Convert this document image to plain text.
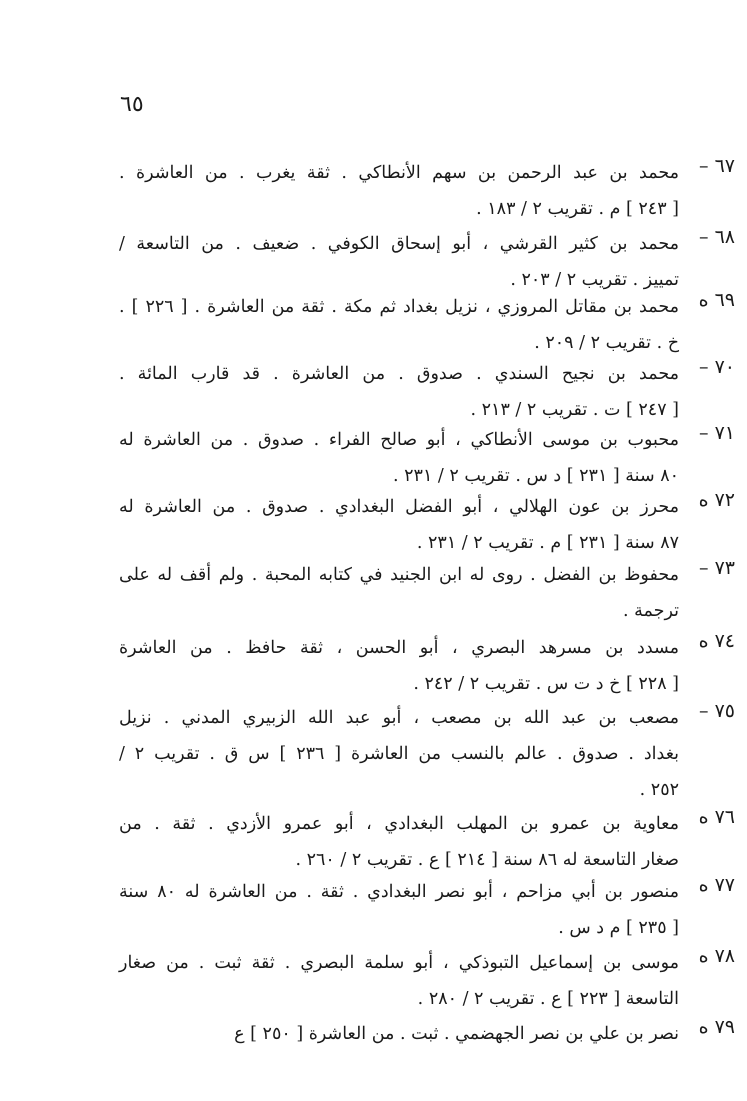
٦٥
٦٧ –
محمد بن عبد الرحمن بن سهم الأنطاكي . ثقة يغرب . من العاشرة .
[ ٢٤٣ ] م . تقريب ٢ / ١٨٣ .
٦٨ –
محمد بن كثير القرشي ، أبو إسحاق الكوفي . ضعيف . من التاسعة /
تمييز . تقريب ٢ / ٢٠٣ .
٦٩ ه
محمد بن مقاتل المروزي ، نزيل بغداد ثم مكة . ثقة من العاشرة . [ ٢٢٦ ] .
خ . تقريب ٢ / ٢٠٩ .
٧٠ –
محمد بن نجيح السندي . صدوق . من العاشرة . قد قارب المائة .
[ ٢٤٧ ] ت . تقريب ٢ / ٢١٣ .
٧١ –
محبوب بن موسى الأنطاكي ، أبو صالح الفراء . صدوق . من العاشرة له
٨٠ سنة [ ٢٣١ ] د س . تقريب ٢ / ٢٣١ .
٧٢ ه
محرز بن عون الهلالي ، أبو الفضل البغدادي . صدوق . من العاشرة له
٨٧ سنة [ ٢٣١ ] م . تقريب ٢ / ٢٣١ .
٧٣ –
محفوظ بن الفضل . روى له ابن الجنيد في كتابه المحبة . ولم أقف له على
ترجمة .
٧٤ ه
مسدد بن مسرهد البصري ، أبو الحسن ، ثقة حافظ . من العاشرة
[ ٢٢٨ ] خ د ت س . تقريب ٢ / ٢٤٢ .
٧٥ –
مصعب بن عبد الله بن مصعب ، أبو عبد الله الزبيري المدني . نزيل
بغداد . صدوق . عالم بالنسب من العاشرة [ ٢٣٦ ] س ق . تقريب ٢ /
٢٥٢ .
٧٦ ه
معاوية بن عمرو بن المهلب البغدادي ، أبو عمرو الأزدي . ثقة . من
صغار التاسعة له ٨٦ سنة [ ٢١٤ ] ع . تقريب ٢ / ٢٦٠ .
٧٧ ه
منصور بن أبي مزاحم ، أبو نصر البغدادي . ثقة . من العاشرة له ٨٠ سنة
[ ٢٣٥ ] م د س .
٧٨ ه
موسى بن إسماعيل التبوذكي ، أبو سلمة البصري . ثقة ثبت . من صغار
التاسعة [ ٢٢٣ ] ع . تقريب ٢ / ٢٨٠ .
٧٩ ه
نصر بن علي بن نصر الجهضمي . ثبت . من العاشرة [ ٢٥٠ ] ع
